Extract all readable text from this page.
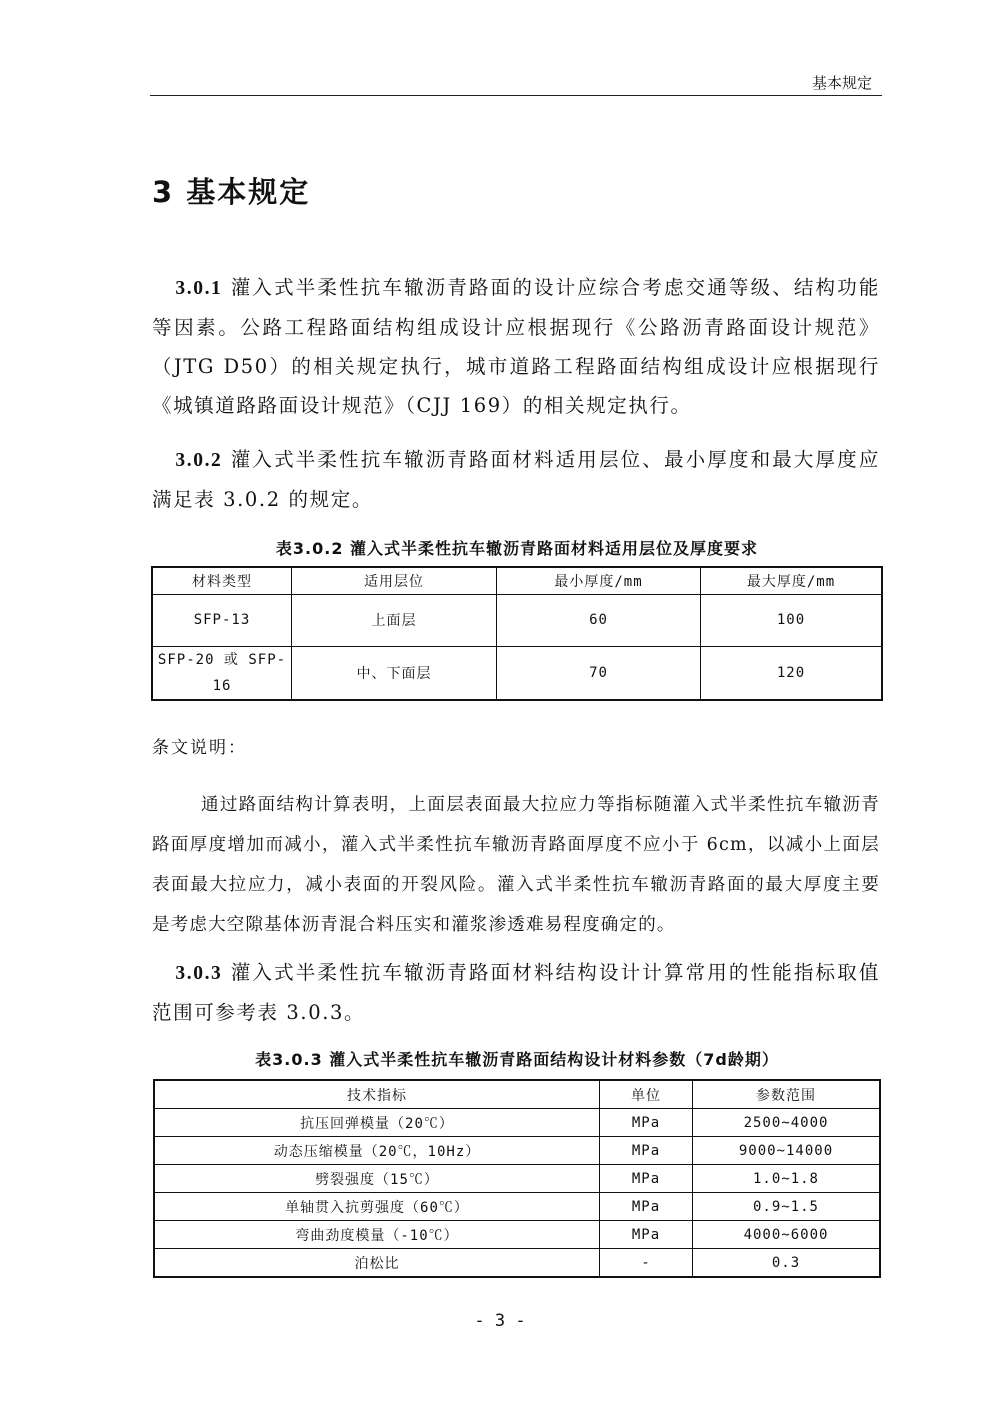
基本规定
3 基本规定
3.0.1 灌入式半柔性抗车辙沥青路面的设计应综合考虑交通等级、结构功能等因素。公路工程路面结构组成设计应根据现行《公路沥青路面设计规范》（JTG D50）的相关规定执行，城市道路工程路面结构组成设计应根据现行《城镇道路路面设计规范》（CJJ 169）的相关规定执行。
3.0.2 灌入式半柔性抗车辙沥青路面材料适用层位、最小厚度和最大厚度应满足表 3.0.2 的规定。
表3.0.2 灌入式半柔性抗车辙沥青路面材料适用层位及厚度要求
材料类型	适用层位	最小厚度/mm	最大厚度/mm
SFP-13	上面层	60	100
SFP-20 或 SFP-16	中、下面层	70	120
条文说明：
通过路面结构计算表明，上面层表面最大拉应力等指标随灌入式半柔性抗车辙沥青路面厚度增加而减小，灌入式半柔性抗车辙沥青路面厚度不应小于 6cm，以减小上面层表面最大拉应力，减小表面的开裂风险。灌入式半柔性抗车辙沥青路面的最大厚度主要是考虑大空隙基体沥青混合料压实和灌浆渗透难易程度确定的。
3.0.3 灌入式半柔性抗车辙沥青路面材料结构设计计算常用的性能指标取值范围可参考表 3.0.3。
表3.0.3 灌入式半柔性抗车辙沥青路面结构设计材料参数（7d龄期）
技术指标	单位	参数范围
抗压回弹模量（20℃）	MPa	2500~4000
动态压缩模量（20℃，10Hz）	MPa	9000~14000
劈裂强度（15℃）	MPa	1.0~1.8
单轴贯入抗剪强度（60℃）	MPa	0.9~1.5
弯曲劲度模量（-10℃）	MPa	4000~6000
泊松比	-	0.3
- 3 -
